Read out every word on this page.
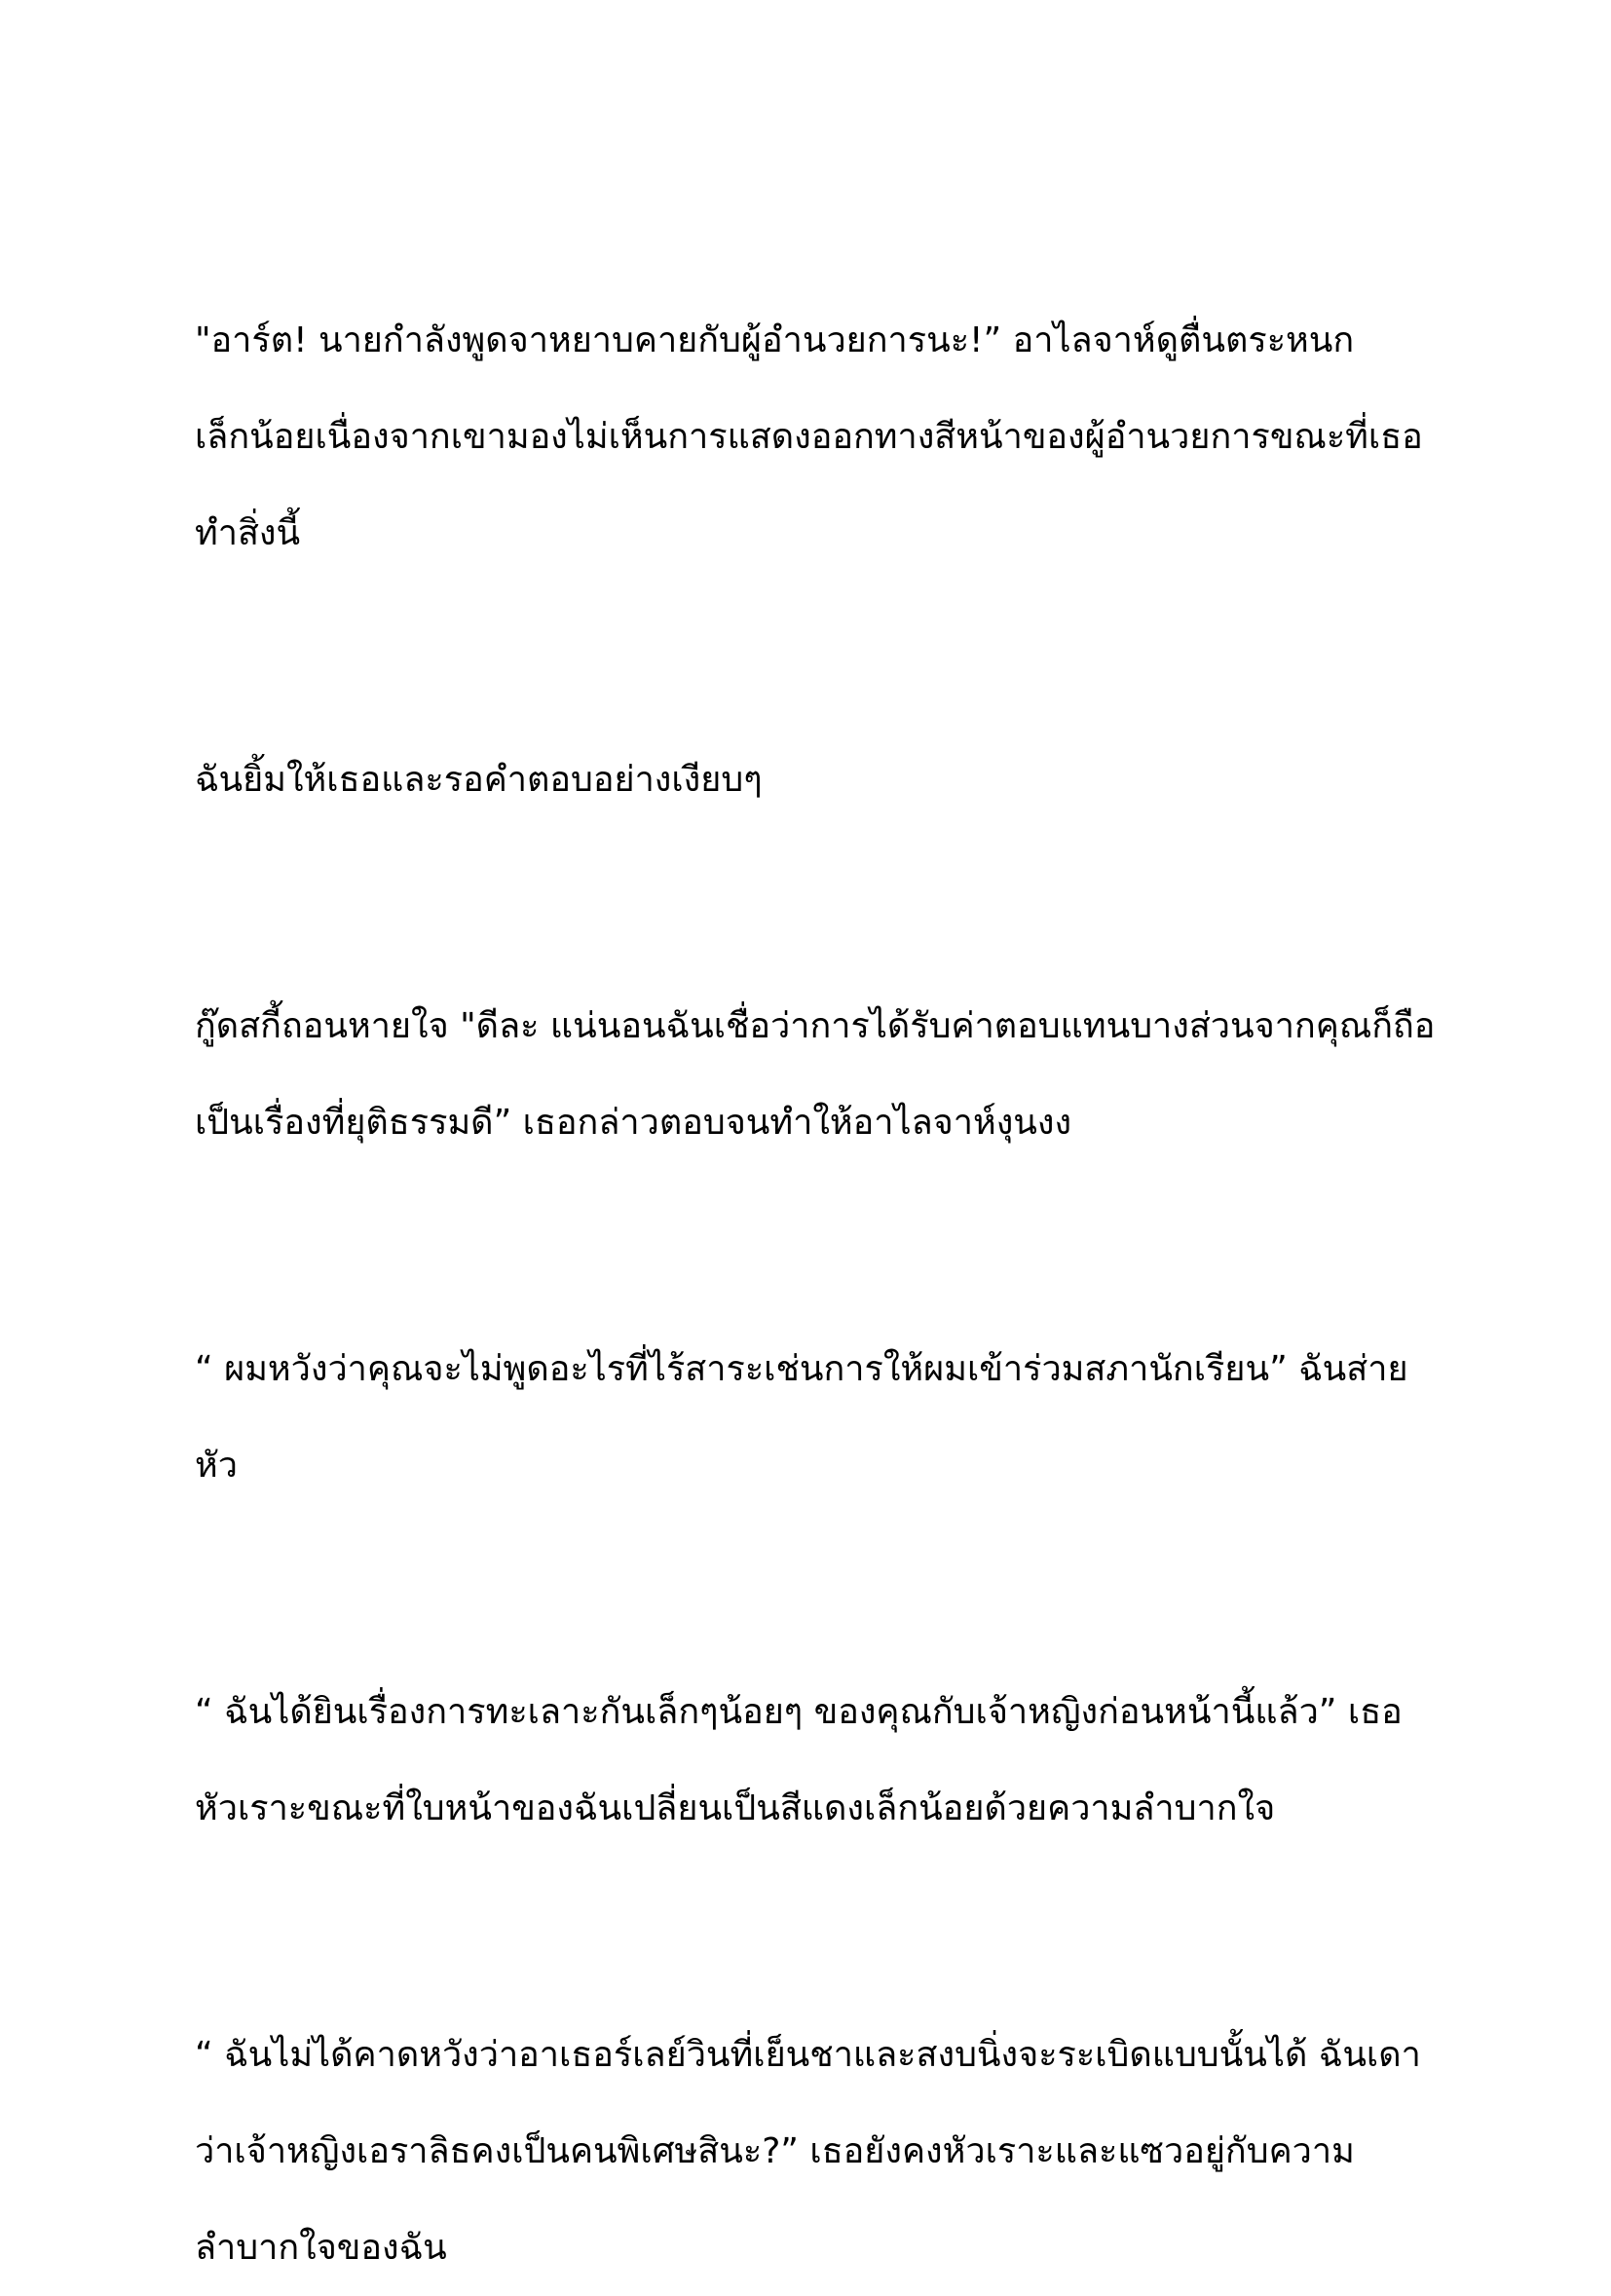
"อาร์ต! นายกำลังพูดจาหยาบคายกับผู้อำนวยการนะ!” อาไลจาห์ดูตื่นตระหนก
เล็กน้อยเนื่องจากเขามองไม่เห็นการแสดงออกทางสีหน้าของผู้อำนวยการขณะที่เธอ
ทำสิ่งนี้

ฉันยิ้มให้เธอและรอคำตอบอย่างเงียบๆ

กู๊ดสกี้ถอนหายใจ "ดีละ แน่นอนฉันเชื่อว่าการได้รับค่าตอบแทนบางส่วนจากคุณก็ถือ
เป็นเรื่องที่ยุติธรรมดี” เธอกล่าวตอบจนทำให้อาไลจาห์งุนงง

“ ผมหวังว่าคุณจะไม่พูดอะไรที่ไร้สาระเช่นการให้ผมเข้าร่วมสภานักเรียน” ฉันส่าย
หัว

“ ฉันได้ยินเรื่องการทะเลาะกันเล็กๆน้อยๆ ของคุณกับเจ้าหญิงก่อนหน้านี้แล้ว” เธอ
หัวเราะขณะที่ใบหน้าของฉันเปลี่ยนเป็นสีแดงเล็กน้อยด้วยความลำบากใจ

“ ฉันไม่ได้คาดหวังว่าอาเธอร์เลย์วินที่เย็นชาและสงบนิ่งจะระเบิดแบบนั้นได้ ฉันเดา
ว่าเจ้าหญิงเอราลิธคงเป็นคนพิเศษสินะ?” เธอยังคงหัวเราะและแซวอยู่กับความ
ลำบากใจของฉัน
